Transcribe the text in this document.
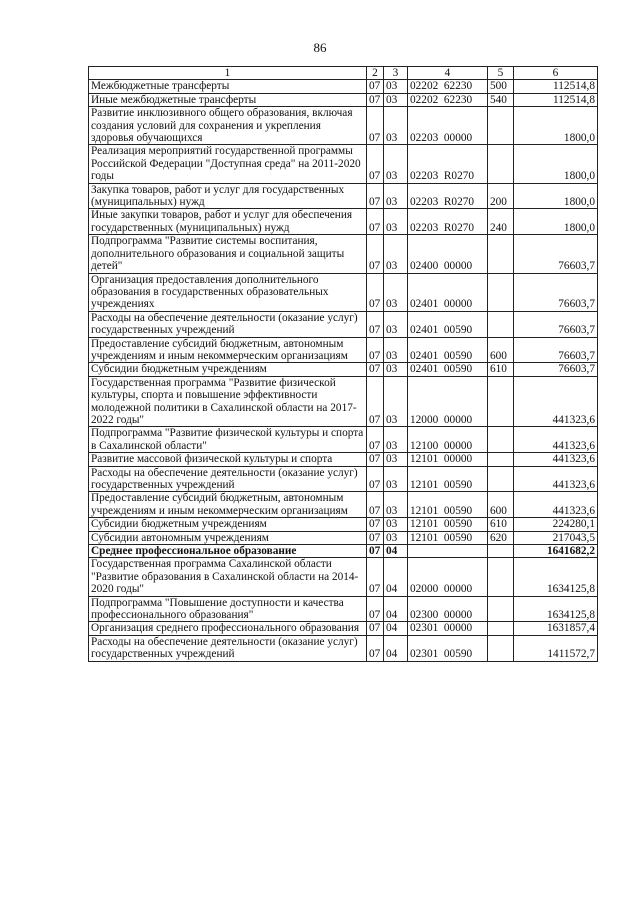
86
1	2	3	4	5	6
Межбюджетные трансферты	07	03	02202  62230	500	112514,8
Иные межбюджетные трансферты	07	03	02202  62230	540	112514,8
Развитие инклюзивного общего образования, включая создания условий для сохранения и укрепления здоровья обучающихся	07	03	02203  00000		1800,0
Реализация мероприятий государственной программы Российской Федерации "Доступная среда" на 2011-2020 годы	07	03	02203  R0270		1800,0
Закупка товаров, работ и услуг для государственных (муниципальных) нужд	07	03	02203  R0270	200	1800,0
Иные закупки товаров, работ и услуг для обеспечения государственных (муниципальных) нужд	07	03	02203  R0270	240	1800,0
Подпрограмма "Развитие системы воспитания, дополнительного образования и социальной защиты детей"	07	03	02400  00000		76603,7
Организация предоставления дополнительного образования в государственных образовательных учреждениях	07	03	02401  00000		76603,7
Расходы на обеспечение деятельности (оказание услуг) государственных учреждений	07	03	02401  00590		76603,7
Предоставление субсидий бюджетным, автономным учреждениям и иным некоммерческим организациям	07	03	02401  00590	600	76603,7
Субсидии бюджетным учреждениям	07	03	02401  00590	610	76603,7
Государственная программа "Развитие физической культуры, спорта и повышение эффективности молодежной политики в Сахалинской области на 2017-2022 годы"	07	03	12000  00000		441323,6
Подпрограмма "Развитие физической культуры и спорта в Сахалинской области"	07	03	12100  00000		441323,6
Развитие массовой физической культуры и спорта	07	03	12101  00000		441323,6
Расходы на обеспечение деятельности (оказание услуг) государственных учреждений	07	03	12101  00590		441323,6
Предоставление субсидий бюджетным, автономным учреждениям и иным некоммерческим организациям	07	03	12101  00590	600	441323,6
Субсидии бюджетным учреждениям	07	03	12101  00590	610	224280,1
Субсидии автономным учреждениям	07	03	12101  00590	620	217043,5
Среднее профессиональное образование	07	04			1641682,2
Государственная программа Сахалинской области "Развитие образования в Сахалинской области на 2014-2020 годы"	07	04	02000  00000		1634125,8
Подпрограмма "Повышение доступности и качества профессионального образования"	07	04	02300  00000		1634125,8
Организация среднего профессионального образования	07	04	02301  00000		1631857,4
Расходы на обеспечение деятельности (оказание услуг) государственных учреждений	07	04	02301  00590		1411572,7
